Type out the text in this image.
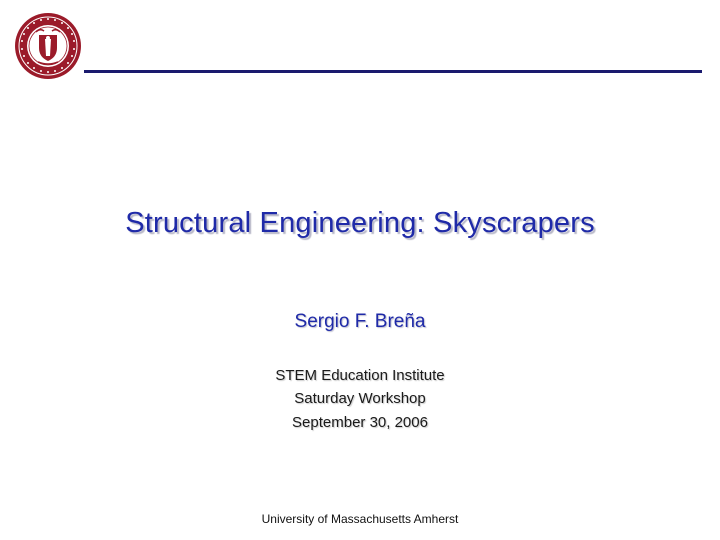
Structural Engineering: Skyscrapers
Sergio F. Breña
STEM Education Institute
Saturday Workshop
September 30, 2006
University of Massachusetts Amherst
